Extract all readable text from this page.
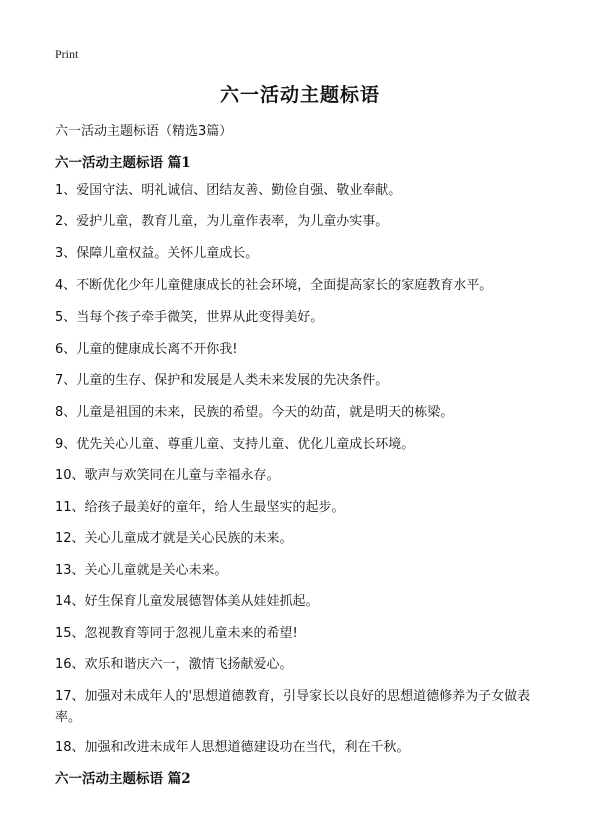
Print
六一活动主题标语
六一活动主题标语（精选3篇）
六一活动主题标语 篇1
1、爱国守法、明礼诚信、团结友善、勤俭自强、敬业奉献。
2、爱护儿童，教育儿童，为儿童作表率，为儿童办实事。
3、保障儿童权益。关怀儿童成长。
4、不断优化少年儿童健康成长的社会环境，全面提高家长的家庭教育水平。
5、当每个孩子牵手微笑，世界从此变得美好。
6、儿童的健康成长离不开你我!
7、儿童的生存、保护和发展是人类未来发展的先决条件。
8、儿童是祖国的未来，民族的希望。今天的幼苗，就是明天的栋梁。
9、优先关心儿童、尊重儿童、支持儿童、优化儿童成长环境。
10、歌声与欢笑同在儿童与幸福永存。
11、给孩子最美好的童年，给人生最坚实的起步。
12、关心儿童成才就是关心民族的未来。
13、关心儿童就是关心未来。
14、好生保育儿童发展德智体美从娃娃抓起。
15、忽视教育等同于忽视儿童未来的希望!
16、欢乐和谐庆六一，激情飞扬献爱心。
17、加强对未成年人的'思想道德教育，引导家长以良好的思想道德修养为子女做表率。
18、加强和改进未成年人思想道德建设功在当代，利在千秋。
六一活动主题标语 篇2
